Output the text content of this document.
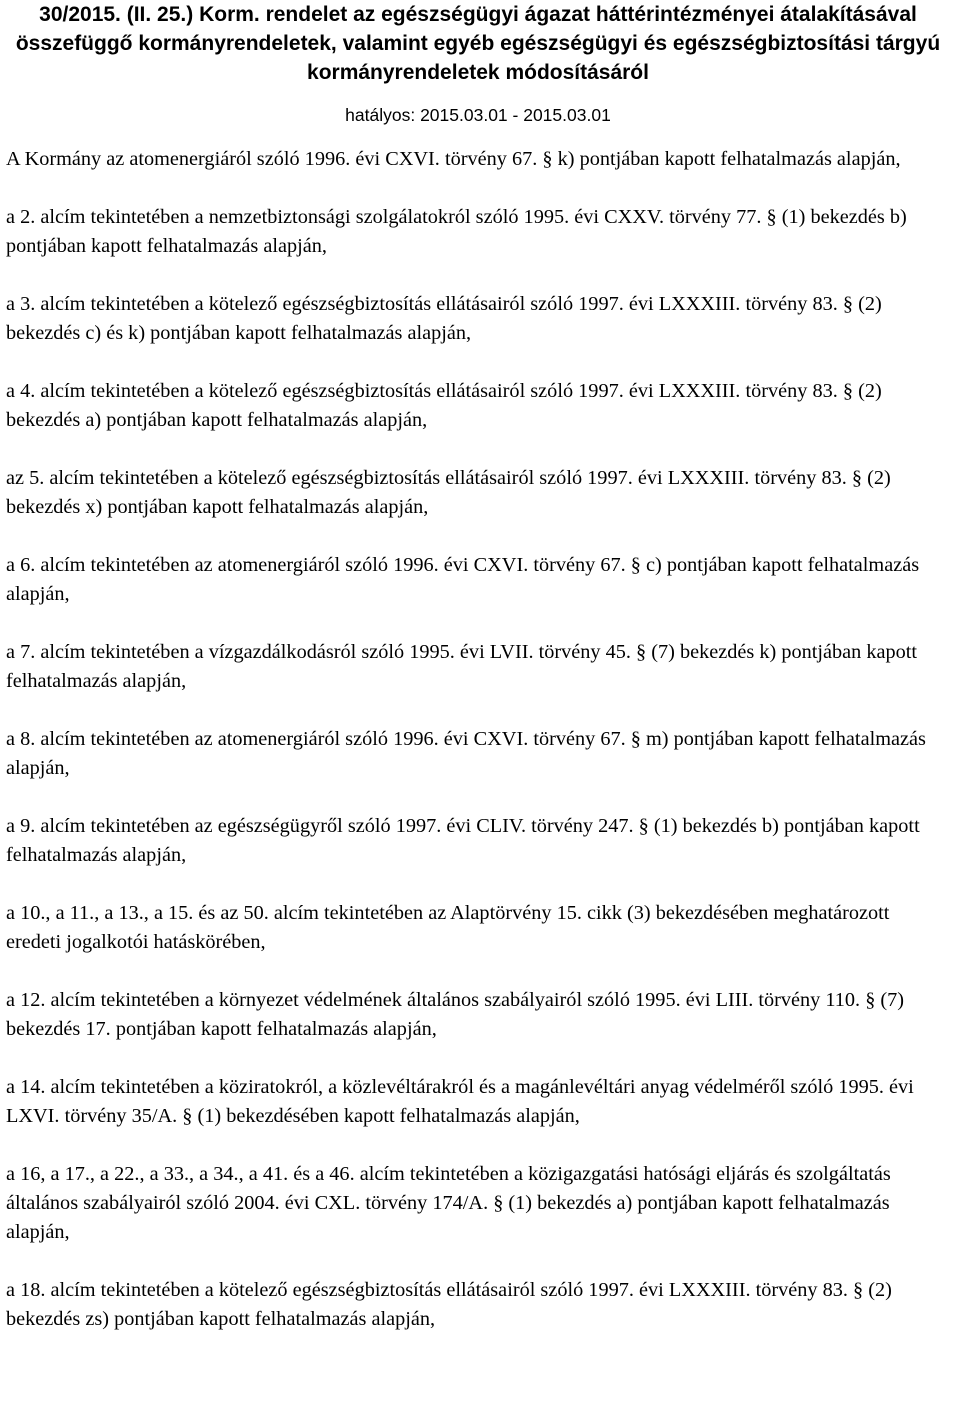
30/2015. (II. 25.) Korm. rendelet az egészségügyi ágazat háttérintézményei átalakításával összefüggő kormányrendeletek, valamint egyéb egészségügyi és egészségbiztosítási tárgyú kormányrendeletek módosításáról
hatályos: 2015.03.01 - 2015.03.01

A Kormány az atomenergiáról szóló 1996. évi CXVI. törvény 67. § k) pontjában kapott felhatalmazás alapján,

a 2. alcím tekintetében a nemzetbiztonsági szolgálatokról szóló 1995. évi CXXV. törvény 77. § (1) bekezdés b) pontjában kapott felhatalmazás alapján,

a 3. alcím tekintetében a kötelező egészségbiztosítás ellátásairól szóló 1997. évi LXXXIII. törvény 83. § (2) bekezdés c) és k) pontjában kapott felhatalmazás alapján,

a 4. alcím tekintetében a kötelező egészségbiztosítás ellátásairól szóló 1997. évi LXXXIII. törvény 83. § (2) bekezdés a) pontjában kapott felhatalmazás alapján,

az 5. alcím tekintetében a kötelező egészségbiztosítás ellátásairól szóló 1997. évi LXXXIII. törvény 83. § (2) bekezdés x) pontjában kapott felhatalmazás alapján,

a 6. alcím tekintetében az atomenergiáról szóló 1996. évi CXVI. törvény 67. § c) pontjában kapott felhatalmazás alapján,

a 7. alcím tekintetében a vízgazdálkodásról szóló 1995. évi LVII. törvény 45. § (7) bekezdés k) pontjában kapott felhatalmazás alapján,

a 8. alcím tekintetében az atomenergiáról szóló 1996. évi CXVI. törvény 67. § m) pontjában kapott felhatalmazás alapján,

a 9. alcím tekintetében az egészségügyről szóló 1997. évi CLIV. törvény 247. § (1) bekezdés b) pontjában kapott felhatalmazás alapján,

a 10., a 11., a 13., a 15. és az 50. alcím tekintetében az Alaptörvény 15. cikk (3) bekezdésében meghatározott eredeti jogalkotói hatáskörében,

a 12. alcím tekintetében a környezet védelmének általános szabályairól szóló 1995. évi LIII. törvény 110. § (7) bekezdés 17. pontjában kapott felhatalmazás alapján,

a 14. alcím tekintetében a köziratokról, a közlevéltárakról és a magánlevéltári anyag védelméről szóló 1995. évi LXVI. törvény 35/A. § (1) bekezdésében kapott felhatalmazás alapján,

a 16, a 17., a 22., a 33., a 34., a 41. és a 46. alcím tekintetében a közigazgatási hatósági eljárás és szolgáltatás általános szabályairól szóló 2004. évi CXL. törvény 174/A. § (1) bekezdés a) pontjában kapott felhatalmazás alapján,

a 18. alcím tekintetében a kötelező egészségbiztosítás ellátásairól szóló 1997. évi LXXXIII. törvény 83. § (2) bekezdés zs) pontjában kapott felhatalmazás alapján,
